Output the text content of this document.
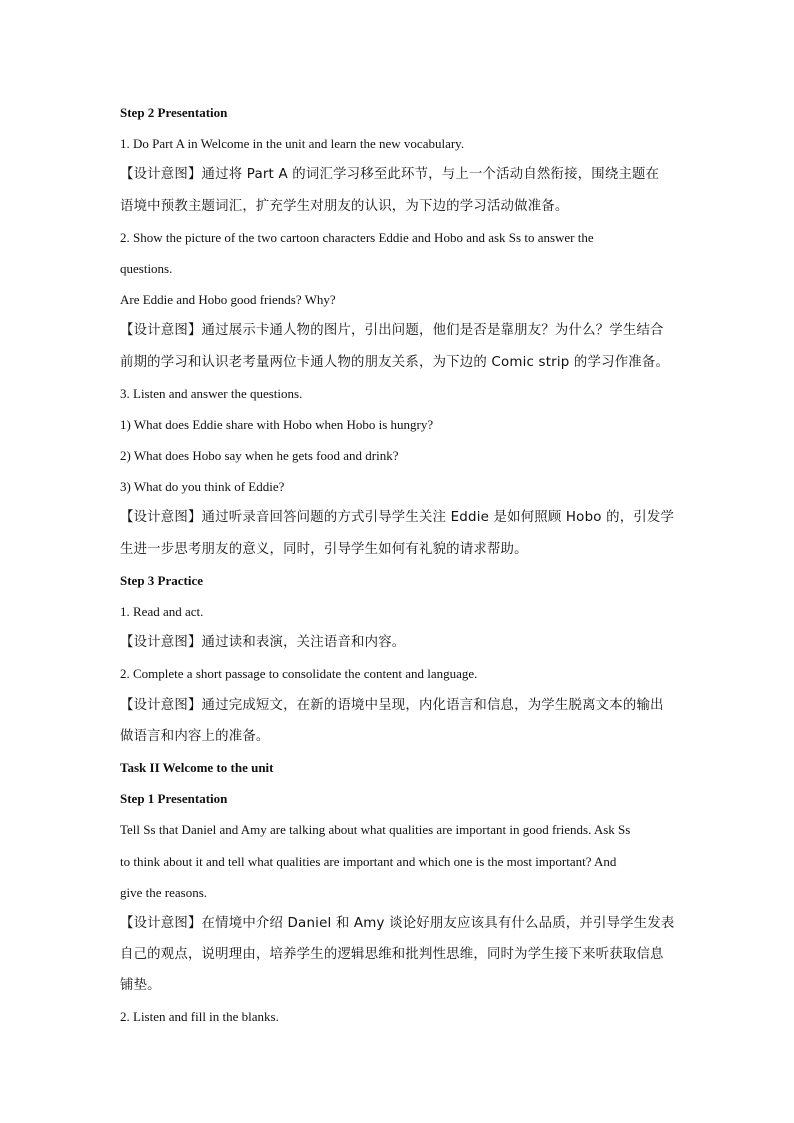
Step 2 Presentation

1. Do Part A in Welcome in the unit and learn the new vocabulary.

【设计意图】通过将 Part A 的词汇学习移至此环节，与上一个活动自然衔接，围绕主题在

语境中预教主题词汇，扩充学生对朋友的认识，为下边的学习活动做准备。

2. Show the picture of the two cartoon characters Eddie and Hobo and ask Ss to answer the

questions.

Are Eddie and Hobo good friends? Why?

【设计意图】通过展示卡通人物的图片，引出问题，他们是否是靠朋友？为什么？学生结合

前期的学习和认识老考量两位卡通人物的朋友关系，为下边的 Comic strip 的学习作准备。

3. Listen and answer the questions.

1) What does Eddie share with Hobo when Hobo is hungry?

2) What does Hobo say when he gets food and drink?

3) What do you think of Eddie?

【设计意图】通过听录音回答问题的方式引导学生关注 Eddie 是如何照顾 Hobo 的，引发学

生进一步思考朋友的意义，同时，引导学生如何有礼貌的请求帮助。

Step 3 Practice

1. Read and act.

【设计意图】通过读和表演，关注语音和内容。

2. Complete a short passage to consolidate the content and language.

【设计意图】通过完成短文，在新的语境中呈现，内化语言和信息，为学生脱离文本的输出

做语言和内容上的准备。

Task II Welcome to the unit

Step 1 Presentation

Tell Ss that Daniel and Amy are talking about what qualities are important in good friends. Ask Ss

to think about it and tell what qualities are important and which one is the most important? And

give the reasons.

【设计意图】在情境中介绍 Daniel 和 Amy 谈论好朋友应该具有什么品质，并引导学生发表

自己的观点，说明理由，培养学生的逻辑思维和批判性思维，同时为学生接下来听获取信息

铺垫。

2. Listen and fill in the blanks.
